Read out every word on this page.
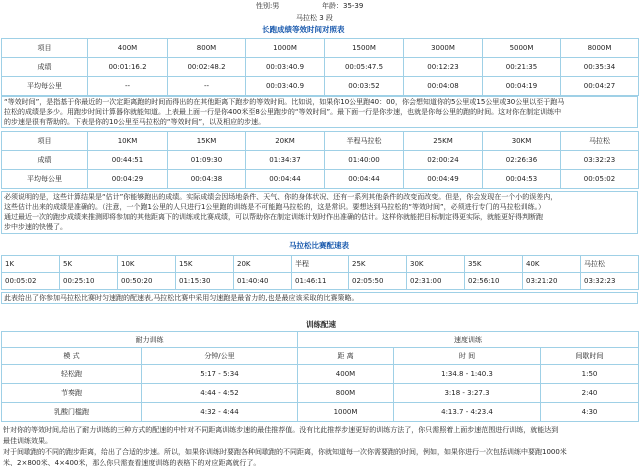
性别:男	年龄：35-39
马拉松 3 段
长跑成绩等效时间对照表
项目	400M	800M	1000M	1500M	3000M	5000M	8000M
成绩	00:01:16.2	00:02:48.2	00:03:40.9	00:05:47.5	00:12:23	00:21:35	00:35:34
平均每公里	--	--	00:03:40.9	00:03:52	00:04:08	00:04:19	00:04:27
“等效时间”，是指基于你最近的一次定距离跑的时间而得出的在其他距离下跑步的等效时间。比如说，如果你10公里跑40：00，你会想知道你的5公里或15公里或30公里以至于跑马
拉松的成绩是多少。用跑步时间计算器你就能知道。上表最上面一行是你400米至8公里跑步的“等效时间”。最下面一行是你步速，也就是你每公里的跑的时间。这对你在制定训练中
的步速是很有帮助的。下表是你的10公里至马拉松的“等效时间”，以及相应的步速。
项目	10KM	15KM	20KM	半程马拉松	25KM	30KM	马拉松
成绩	00:44:51	01:09:30	01:34:37	01:40:00	02:00:24	02:26:36	03:32:23
平均每公里	00:04:29	00:04:38	00:04:44	00:04:44	00:04:49	00:04:53	00:05:02
必须说明的是，这些计算结果是“估计”你能够跑出的成绩。实际成绩会因场地条件、天气、你的身体状况、还有一系列其他条件的改变而改变。但是，你会发现在一个小的误差内，
这些估计出来的成绩是准确的。（注意，一个跑1公里的人只进行1公里跑的训练是不可能跑马拉松的，这是常识。要想达到马拉松的“等效时间”，必须进行专门的马拉松训练。）
通过最近一次的跑步成绩来推测即将参加的其他距离下的训练或比赛成绩，可以帮助你在制定训练计划时作出准确的估计。这样你就能把目标制定得更实际，就能更好得判断跑
步中步速的快慢了。
马拉松比赛配速表
1K	5K	10K	15K	20K	半程	25K	30K	35K	40K	马拉松
00:05:02	00:25:10	00:50:20	01:15:30	01:40:40	01:46:11	02:05:50	02:31:00	02:56:10	03:21:20	03:32:23
此表给出了你参加马拉松比赛时匀速跑的配速表,马拉松比赛中采用匀速跑是最省力的,也是最应该采取的比赛策略。
训练配速
耐力训练		速度训练		
模 式	分钟/公里	距 离	时 间	间歇时间
轻松跑	5:17 - 5:34	400M	1:34.8 - 1:40.3	1:50
节奏跑	4:44 - 4:52	800M	3:18 - 3:27.3	2:40
乳酸门槛跑	4:32 - 4:44	1000M	4:13.7 - 4:23.4	4:30
针对你的等效时间,给出了耐力训练的三种方式的配速的中针对不同距离训练步速的最佳推荐值。没有比此推荐步速更好的训练方法了，你只需照着上面步速范围进行训练，就能达到
最佳训练效果。
对于间歇跑的不同的跑步距离，给出了合适的步速。所以，如果你训练时要跑各种间歇跑的不同距离，你就知道每一次你需要跑的时间，例如，如果你进行一次包括训练中要跑1000米
米、2×800米、4×400米，那么你只需查看速度训练的表格下的对应距离就行了。
